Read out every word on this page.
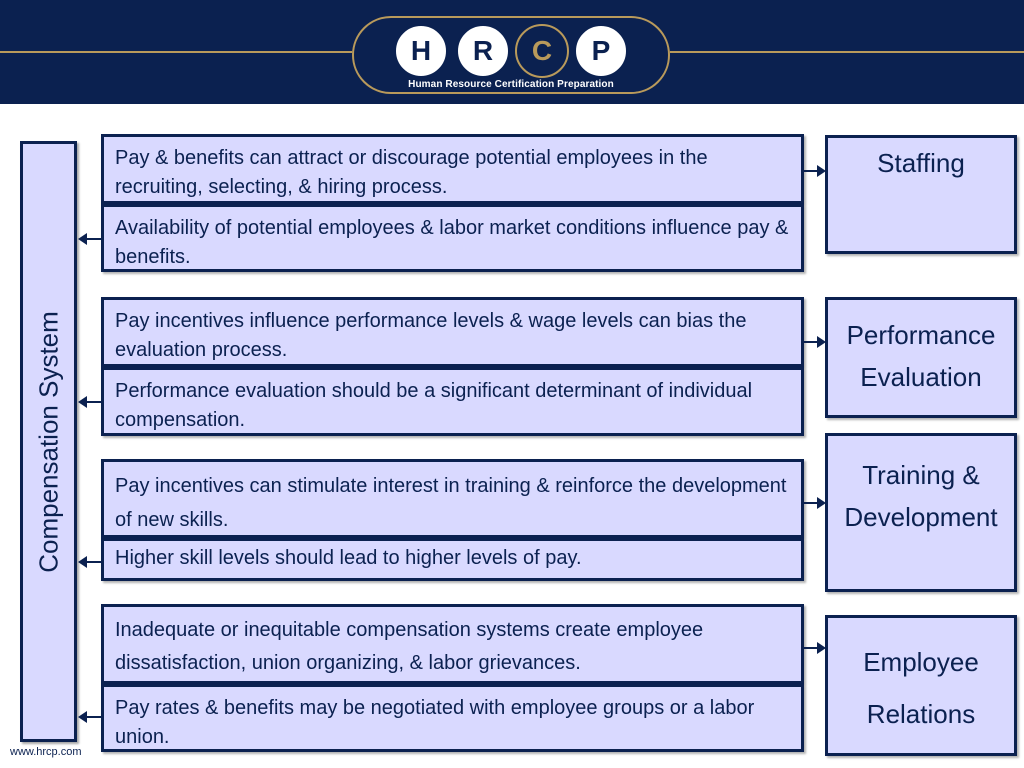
H	R	C	P
Human Resource Certification Preparation
Compensation System
Pay & benefits can attract or discourage potential employees in the recruiting, selecting, & hiring process.
Availability of potential employees & labor market conditions influence pay & benefits.
Pay incentives influence performance levels & wage levels can bias the evaluation process.
Performance evaluation should be a significant determinant of individual compensation.
Pay incentives can stimulate interest in training & reinforce the development of new skills.
Higher skill levels should lead to higher levels of pay.
Inadequate or inequitable compensation systems create employee dissatisfaction, union organizing, & labor grievances.
Pay rates & benefits may be negotiated with employee groups or a labor union.
Staffing
Performance
Evaluation
Training &
Development
Employee
Relations
www.hrcp.com
